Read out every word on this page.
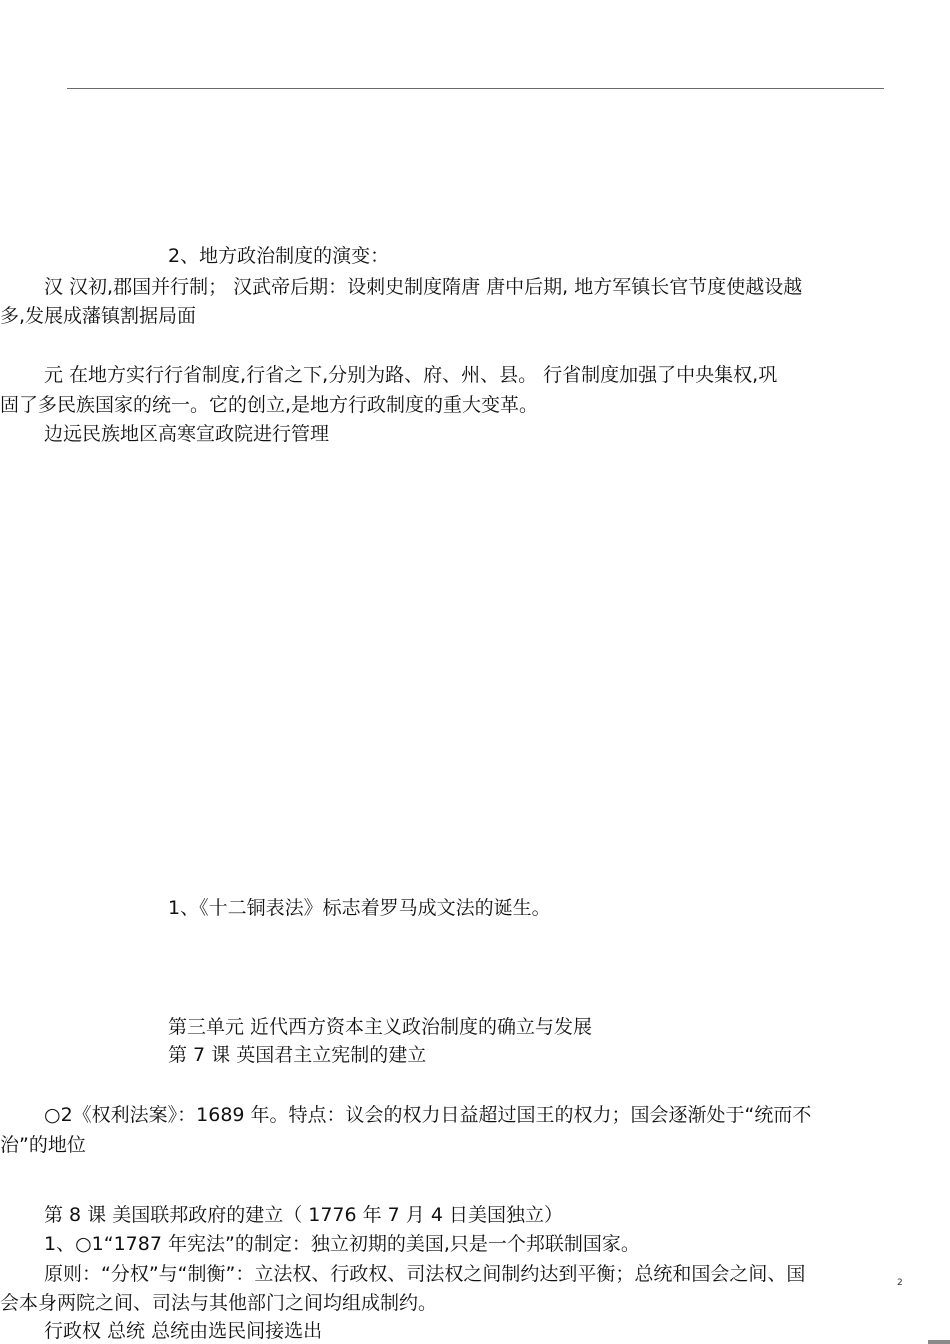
2、地方政治制度的演变：
汉 汉初,郡国并行制； 汉武帝后期：设刺史制度隋唐 唐中后期, 地方军镇长官节度使越设越
多,发展成藩镇割据局面
元 在地方实行行省制度,行省之下,分别为路、府、州、县。 行省制度加强了中央集权,巩
固了多民族国家的统一。它的创立,是地方行政制度的重大变革。
边远民族地区高寒宣政院进行管理
1、《十二铜表法》标志着罗马成文法的诞生。
第三单元 近代西方资本主义政治制度的确立与发展
第 7 课 英国君主立宪制的建立
○2《权利法案》：1689 年。特点：议会的权力日益超过国王的权力；国会逐渐处于“统而不
治”的地位
第 8 课 美国联邦政府的建立（ 1776 年 7 月 4 日美国独立）
1、○1“1787 年宪法”的制定：独立初期的美国,只是一个邦联制国家。
原则：“分权”与“制衡”：立法权、行政权、司法权之间制约达到平衡；总统和国会之间、国
会本身两院之间、司法与其他部门之间均组成制约。
行政权 总统 总统由选民间接选出
2
